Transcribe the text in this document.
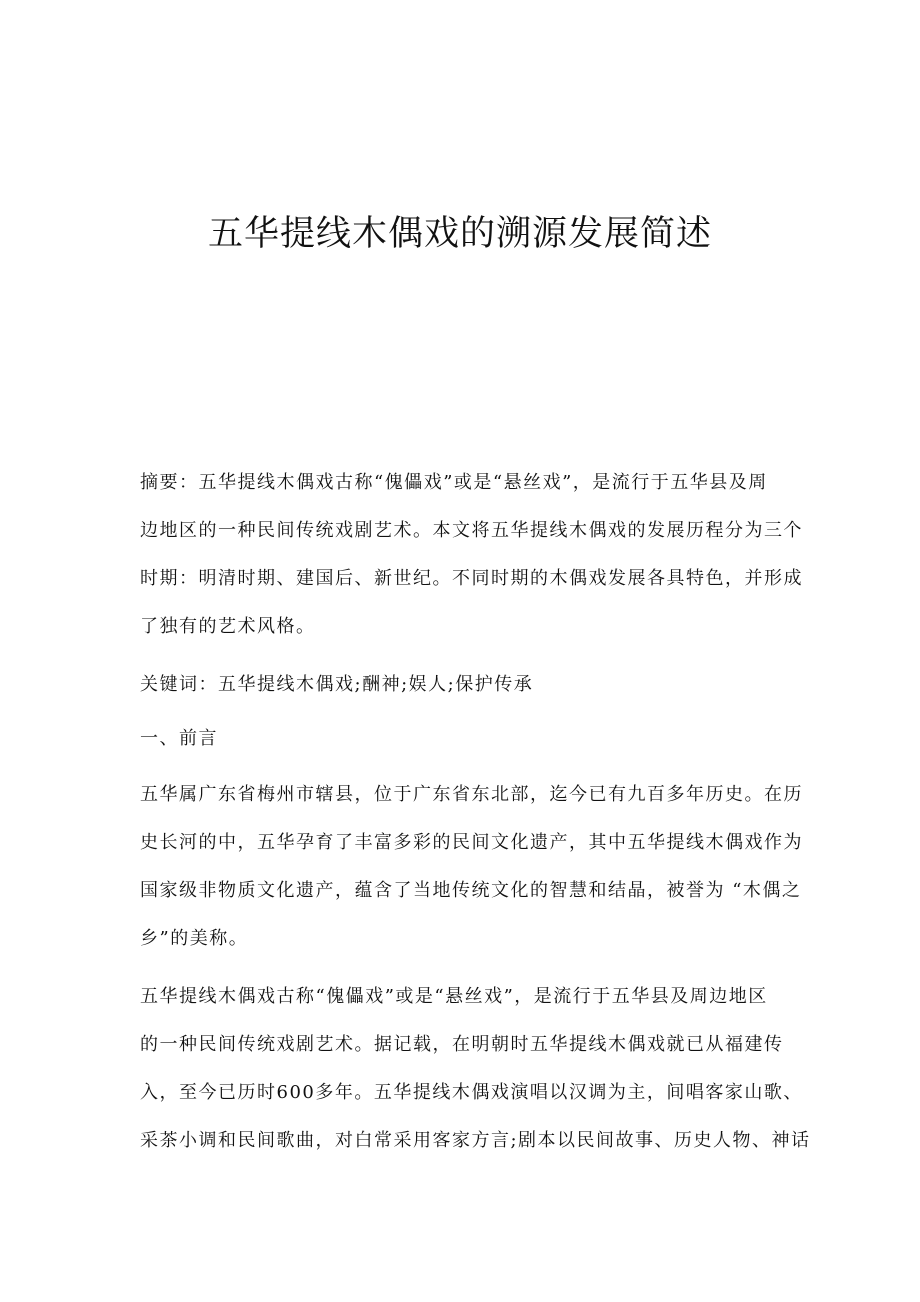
五华提线木偶戏的溯源发展简述
摘要：五华提线木偶戏古称“傀儡戏”或是“悬丝戏”，是流行于五华县及周
边地区的一种民间传统戏剧艺术。本文将五华提线木偶戏的发展历程分为三个
时期：明清时期、建国后、新世纪。不同时期的木偶戏发展各具特色，并形成
了独有的艺术风格。
关键词：五华提线木偶戏;酬神;娱人;保护传承
一、前言
五华属广东省梅州市辖县，位于广东省东北部，迄今已有九百多年历史。在历
史长河的中，五华孕育了丰富多彩的民间文化遗产，其中五华提线木偶戏作为
国家级非物质文化遗产，蕴含了当地传统文化的智慧和结晶，被誉为 “木偶之
乡”的美称。
五华提线木偶戏古称“傀儡戏”或是“悬丝戏”，是流行于五华县及周边地区
的一种民间传统戏剧艺术。据记载，在明朝时五华提线木偶戏就已从福建传
入，至今已历时600多年。五华提线木偶戏演唱以汉调为主，间唱客家山歌、
采茶小调和民间歌曲，对白常采用客家方言;剧本以民间故事、历史人物、神话
